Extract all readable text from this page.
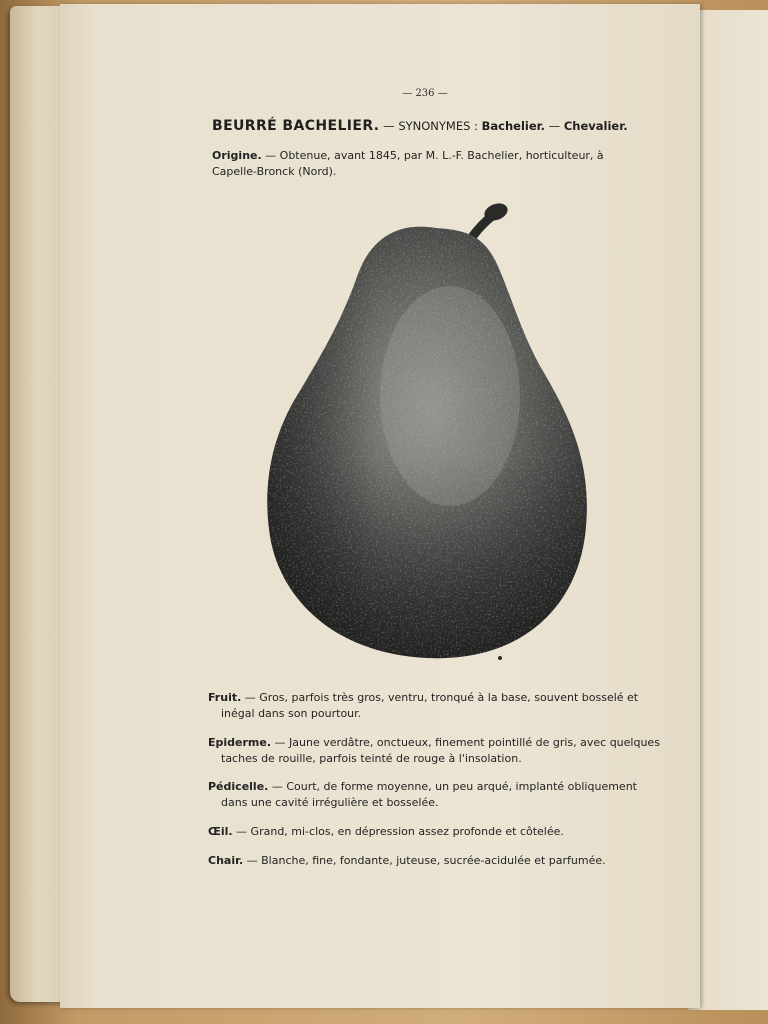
— 236 —
BEURRÉ BACHELIER. — SYNONYMES : Bachelier. — Chevalier.
Origine. — Obtenue, avant 1845, par M. L.-F. Bachelier, horticulteur, à Capelle-Bronck (Nord).
Fruit. — Gros, parfois très gros, ventru, tronqué à la base, souvent bosselé et inégal dans son pourtour.
Epiderme. — Jaune verdâtre, onctueux, finement pointillé de gris, avec quelques taches de rouille, parfois teinté de rouge à l'insolation.
Pédicelle. — Court, de forme moyenne, un peu arqué, implanté obliquement dans une cavité irrégulière et bosselée.
Œil. — Grand, mi-clos, en dépression assez profonde et côtelée.
Chair. — Blanche, fine, fondante, juteuse, sucrée-acidulée et parfumée.
